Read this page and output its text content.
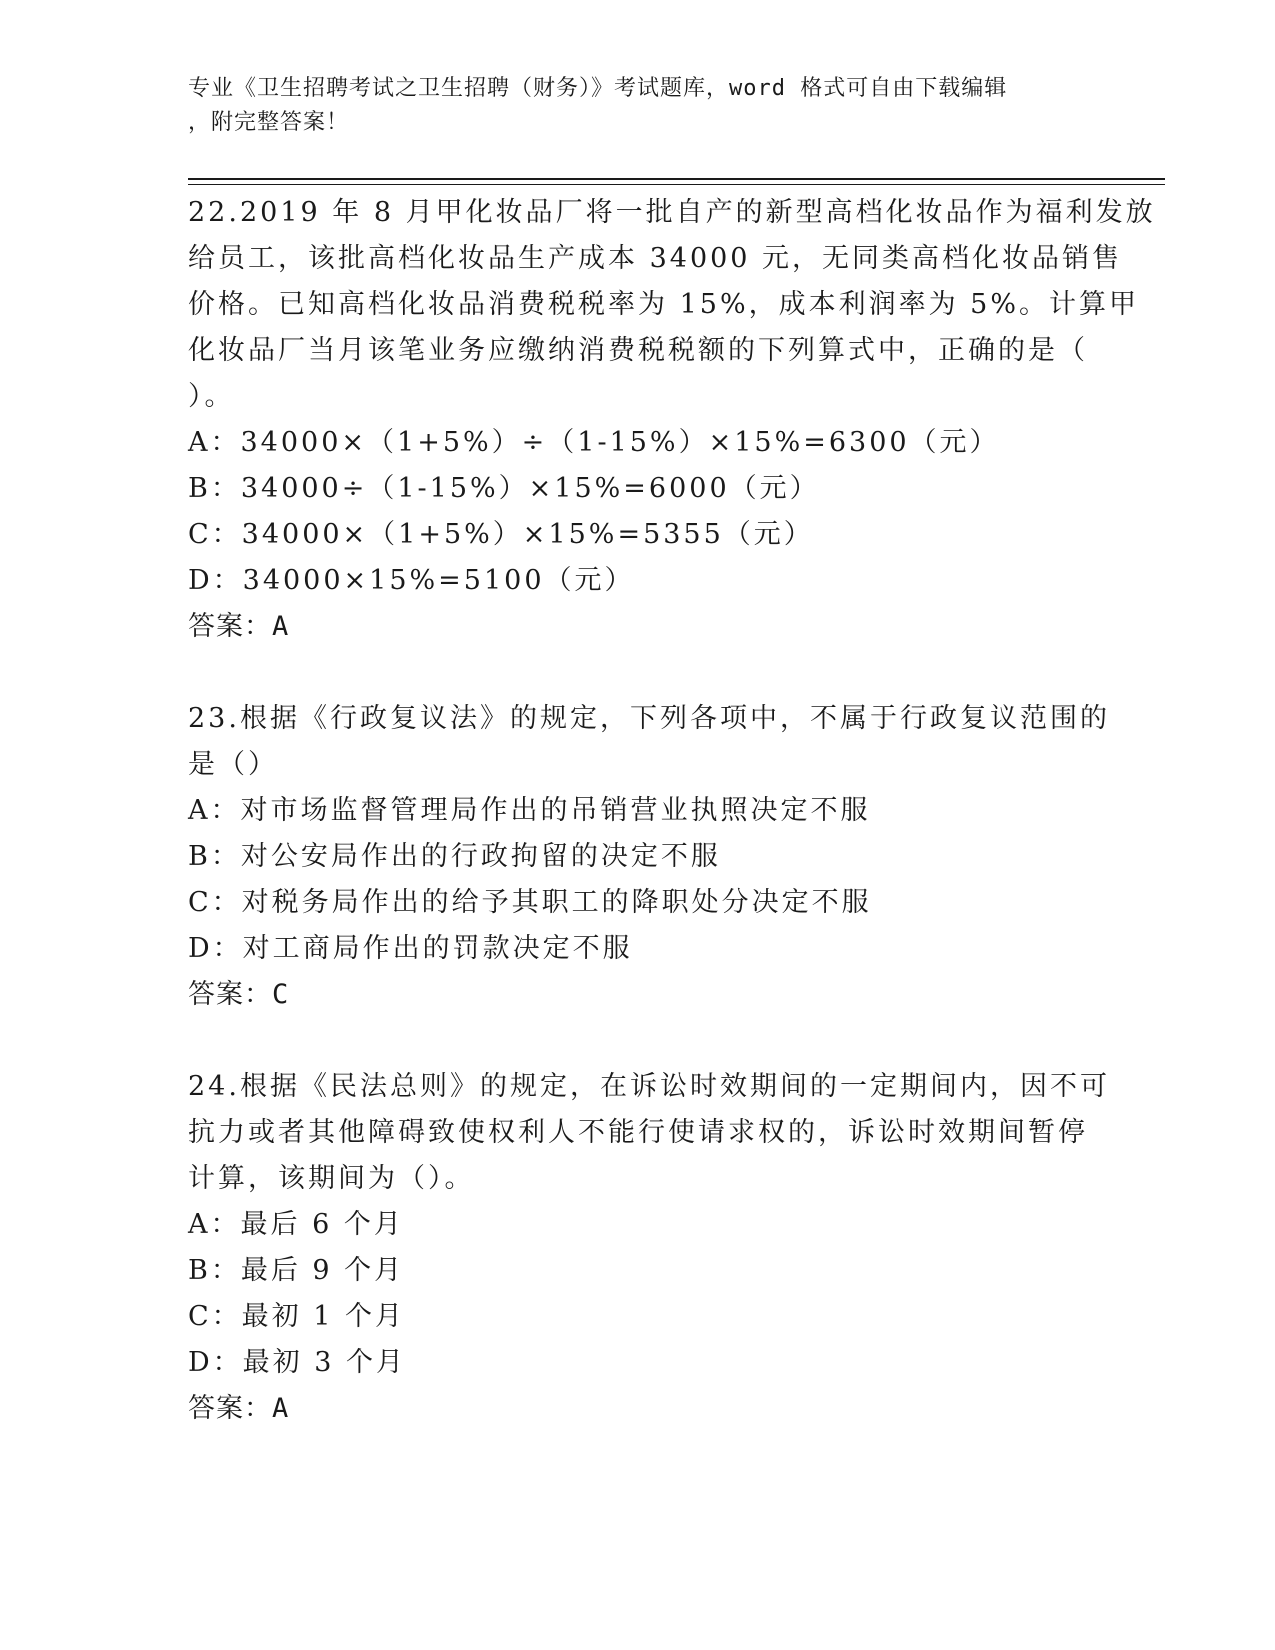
专业《卫生招聘考试之卫生招聘（财务）》考试题库，word 格式可自由下载编辑
，附完整答案！
22.2019 年 8 月甲化妆品厂将一批自产的新型高档化妆品作为福利发放
给员工，该批高档化妆品生产成本 34000 元，无同类高档化妆品销售
价格。已知高档化妆品消费税税率为 15%，成本利润率为 5%。计算甲
化妆品厂当月该笔业务应缴纳消费税税额的下列算式中，正确的是（
）。
A：34000×（1+5%）÷（1-15%）×15%=6300（元）
B：34000÷（1-15%）×15%=6000（元）
C：34000×（1+5%）×15%=5355（元）
D：34000×15%=5100（元）
答案：A
23.根据《行政复议法》的规定，下列各项中，不属于行政复议范围的
是（）
A：对市场监督管理局作出的吊销营业执照决定不服
B：对公安局作出的行政拘留的决定不服
C：对税务局作出的给予其职工的降职处分决定不服
D：对工商局作出的罚款决定不服
答案：C
24.根据《民法总则》的规定，在诉讼时效期间的一定期间内，因不可
抗力或者其他障碍致使权利人不能行使请求权的，诉讼时效期间暂停
计算，该期间为（）。
A：最后 6 个月
B：最后 9 个月
C：最初 1 个月
D：最初 3 个月
答案：A
